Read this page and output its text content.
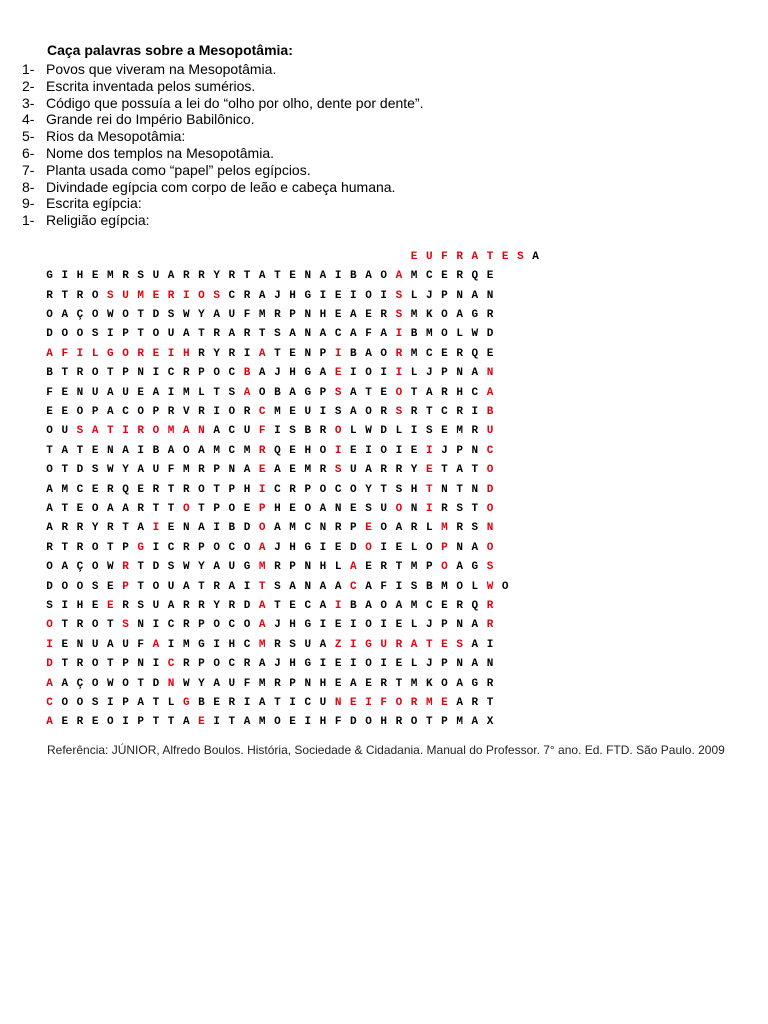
Caça palavras sobre a Mesopotâmia:
1- Povos que viveram na Mesopotâmia.
2- Escrita inventada pelos sumérios.
3- Código que possuía a lei do “olho por olho, dente por dente”.
4- Grande rei do Império Babilônico.
5- Rios da Mesopotâmia:
6- Nome dos templos na Mesopotâmia.
7- Planta usada como “papel” pelos egípcios.
8- Divindade egípcia com corpo de leão e cabeça humana.
9- Escrita egípcia:
1- Religião egípcia:
E U F R A T E S A
G I H E M R S U A R R Y R T A T E N A I B A O A M C E R Q E
R T R O S U M E R I O S C R A J H G I E I O I S L J P N A N
O A Ç O W O T D S W Y A U F M R P N H E A E R S M K O A G R
D O O S I P T O U A T R A R T S A N A C A F A I B M O L W D
A F I L G O R E I H R Y R I A T E N P I B A O R M C E R Q E
B T R O T P N I C R P O C B A J H G A E I O I I L J P N A N
F E N U A U E A I M L T S A O B A G P S A T E O T A R H C A
E E O P A C O P R V R I O R C M E U I S A O R S R T C R I B
O U S A T I R O M A N A C U F I S B R O L W D L I S E M R U
T A T E N A I B A O A M C M R Q E H O I E I O I E I J P N C
O T D S W Y A U F M R P N A E A E M R S U A R R Y E T A T O
A M C E R Q E R T R O T P H I C R P O C O Y T S H T N T N D
A T E O A A R T T O T P O E P H E O A N E S U O N I R S T O
A R R Y R T A I E N A I B D O A M C N R P E O A R L M R S N
R T R O T P G I C R P O C O A J H G I E D O I E L O P N A O
O A Ç O W R T D S W Y A U G M R P N H L A E R T M P O A G S
D O O S E P T O U A T R A I T S A N A A C A F I S B M O L W O
S I H E E R S U A R R Y R D A T E C A I B A O A M C E R Q R
O T R O T S N I C R P O C O A J H G I E I O I E L J P N A R
I E N U A U F A I M G I H C M R S U A Z I G U R A T E S A I
D T R O T P N I C R P O C R A J H G I E I O I E L J P N A N
A A Ç O W O T D N W Y A U F M R P N H E A E R T M K O A G R
C O O S I P A T L G B E R I A T I C U N E I F O R M E A R T
A E R E O I P T T A E I T A M O E I H F D O H R O T P M A X
Referência: JÚNIOR, Alfredo Boulos. História, Sociedade & Cidadania. Manual do Professor. 7° ano. Ed. FTD. São Paulo. 2009
